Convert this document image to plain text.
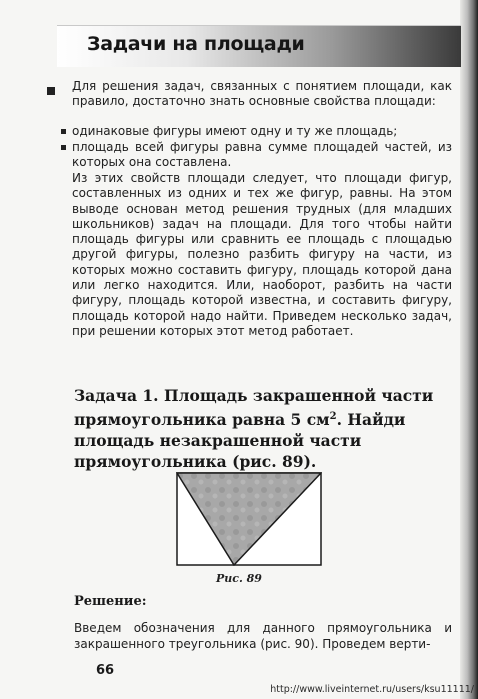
Задачи на площади

Для решения задач, связанных с понятием площади, как правило, достаточно знать основные свойства площади:

одинаковые фигуры имеют одну и ту же площадь;

площадь всей фигуры равна сумме площадей частей, из которых она составлена.

Из этих свойств площади следует, что площади фигур, составленных из одних и тех же фигур, равны. На этом выводе основан метод решения трудных (для младших школьников) задач на площади. Для того чтобы найти площадь фигуры или сравнить ее площадь с площадью другой фигуры, полезно разбить фигуру на части, из которых можно составить фигуру, площадь которой дана или легко находится. Или, наоборот, разбить на части фигуру, площадь которой известна, и составить фигуру, площадь которой надо найти. Приведем несколько задач, при решении которых этот метод работает.

Задача 1. Площадь закрашенной части прямоугольника равна 5 $см^2$. Найди площадь незакрашенной части прямоугольника (рис. 89).

Рис. 89
Решение:

Введем обозначения для данного прямоугольника и закрашенного треугольника (рис. 90). Проведем верти-

66
http://www.liveinternet.ru/users/ksu11111/
